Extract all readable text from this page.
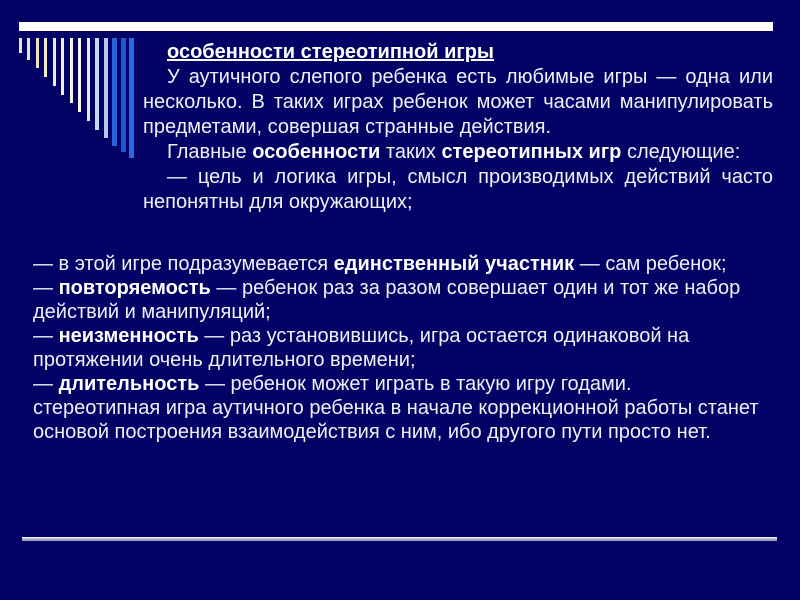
особенности стереотипной игры

У аутичного слепого ребенка есть любимые игры — одна или несколько. В таких играх ребенок может часами манипулировать предметами, совершая странные действия.

Главные особенности таких стереотипных игр следующие:

— цель и логика игры, смысл производимых действий часто непонятны для окружающих;

— в этой игре подразумевается единственный участник — сам ребенок;

— повторяемость — ребенок раз за разом совершает один и тот же набор действий и манипуляций;

— неизменность — раз установившись, игра остается одинаковой на протяжении очень длительного времени;

— длительность — ребенок может играть в такую игру годами.

стереотипная игра аутичного ребенка в начале коррекционной работы станет основой построения взаимодействия с ним, ибо другого пути просто нет.
